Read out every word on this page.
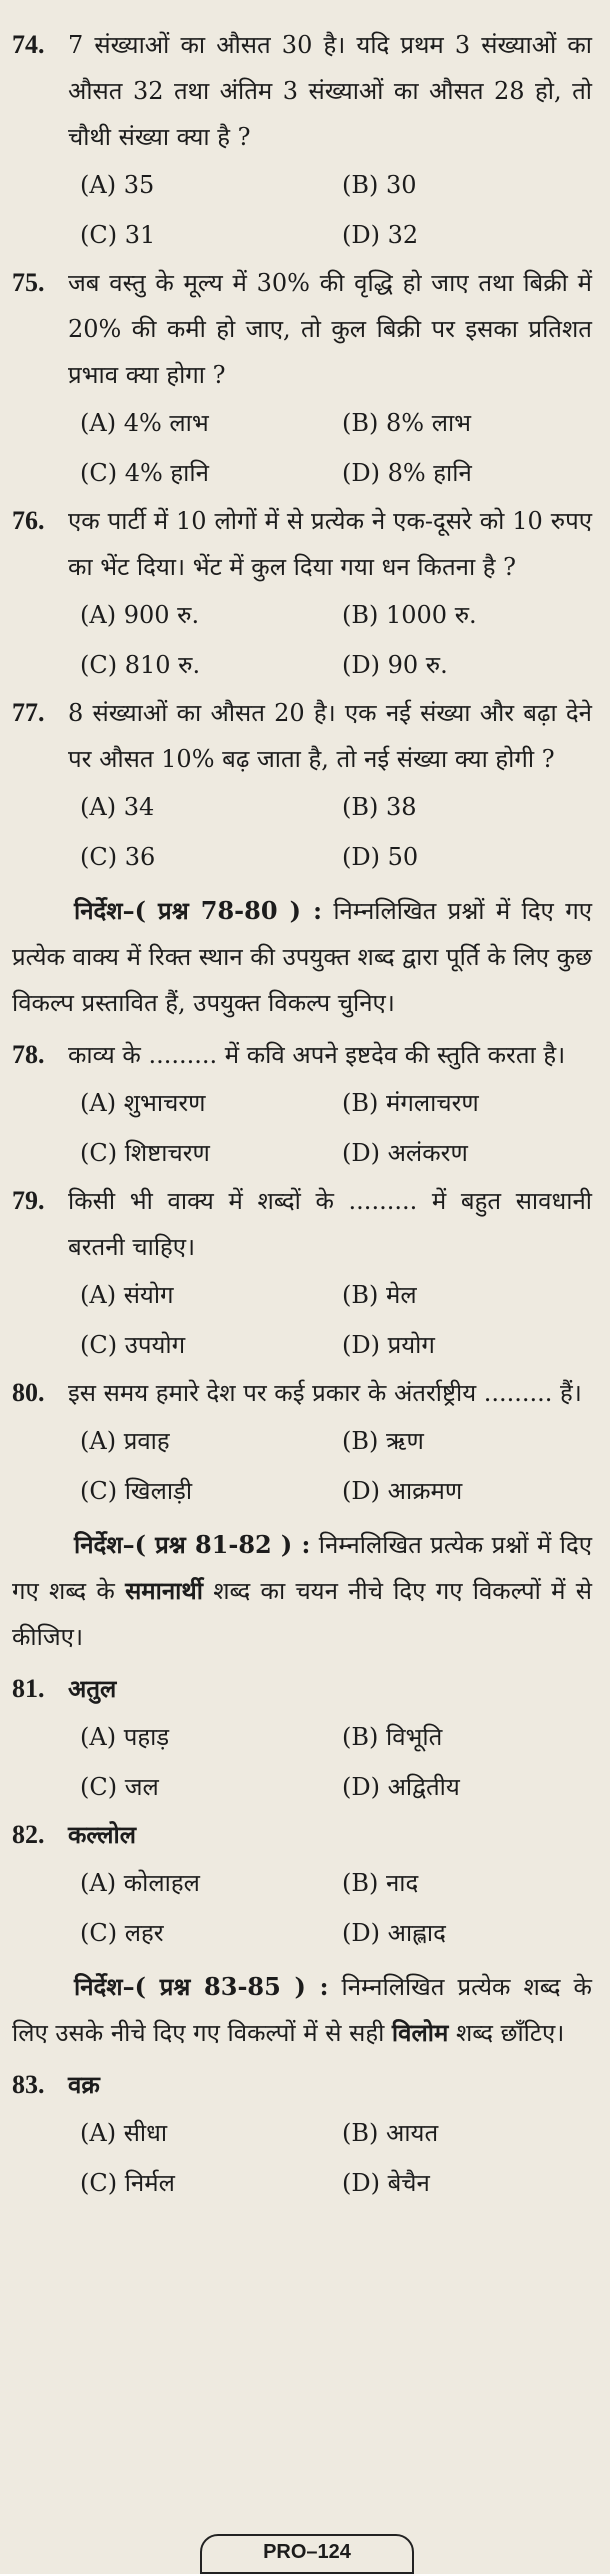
74. 7 संख्याओं का औसत 30 है। यदि प्रथम 3 संख्याओं का औसत 32 तथा अंतिम 3 संख्याओं का औसत 28 हो, तो चौथी संख्या क्या है ?
(A) 35	(B) 30
(C) 31	(D) 32
75. जब वस्तु के मूल्य में 30% की वृद्धि हो जाए तथा बिक्री में 20% की कमी हो जाए, तो कुल बिक्री पर इसका प्रतिशत प्रभाव क्या होगा ?
(A) 4% लाभ	(B) 8% लाभ
(C) 4% हानि	(D) 8% हानि
76. एक पार्टी में 10 लोगों में से प्रत्येक ने एक-दूसरे को 10 रुपए का भेंट दिया। भेंट में कुल दिया गया धन कितना है ?
(A) 900 रु.	(B) 1000 रु.
(C) 810 रु.	(D) 90 रु.
77. 8 संख्याओं का औसत 20 है। एक नई संख्या और बढ़ा देने पर औसत 10% बढ़ जाता है, तो नई संख्या क्या होगी ?
(A) 34	(B) 38
(C) 36	(D) 50
निर्देश–( प्रश्न 78-80 ) : निम्नलिखित प्रश्नों में दिए गए प्रत्येक वाक्य में रिक्त स्थान की उपयुक्त शब्द द्वारा पूर्ति के लिए कुछ विकल्प प्रस्तावित हैं, उपयुक्त विकल्प चुनिए।
78. काव्य के ......... में कवि अपने इष्टदेव की स्तुति करता है।
(A) शुभाचरण	(B) मंगलाचरण
(C) शिष्टाचरण	(D) अलंकरण
79. किसी भी वाक्य में शब्दों के ......... में बहुत सावधानी बरतनी चाहिए।
(A) संयोग	(B) मेल
(C) उपयोग	(D) प्रयोग
80. इस समय हमारे देश पर कई प्रकार के अंतर्राष्ट्रीय ......... हैं।
(A) प्रवाह	(B) ऋण
(C) खिलाड़ी	(D) आक्रमण
निर्देश–( प्रश्न 81-82 ) : निम्नलिखित प्रत्येक प्रश्नों में दिए गए शब्द के समानार्थी शब्द का चयन नीचे दिए गए विकल्पों में से कीजिए।
81. अतुल
(A) पहाड़	(B) विभूति
(C) जल	(D) अद्वितीय
82. कल्लोल
(A) कोलाहल	(B) नाद
(C) लहर	(D) आह्लाद
निर्देश–( प्रश्न 83-85 ) : निम्नलिखित प्रत्येक शब्द के लिए उसके नीचे दिए गए विकल्पों में से सही विलोम शब्द छाँटिए।
83. वक्र
(A) सीधा	(B) आयत
(C) निर्मल	(D) बेचैन
PRO–124
